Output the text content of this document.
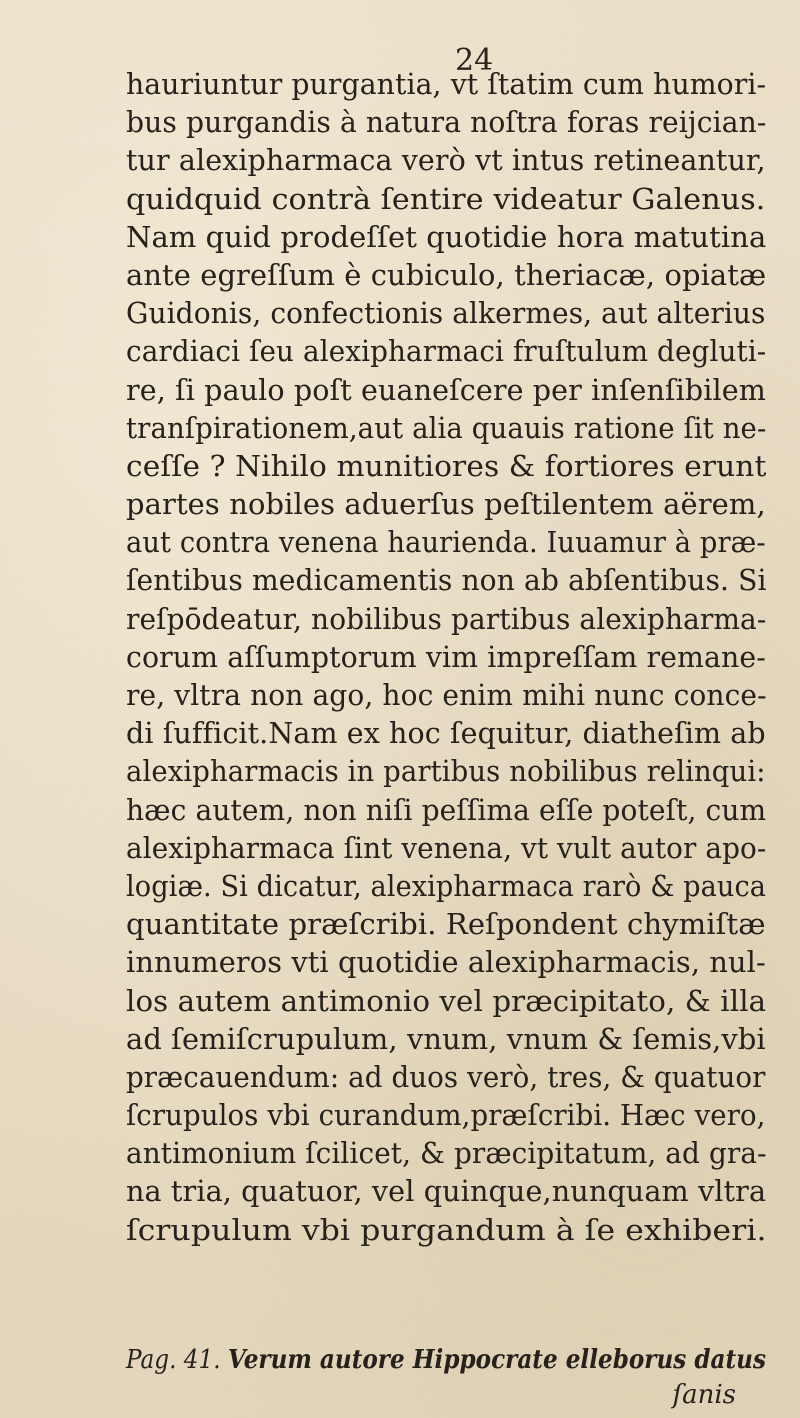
24
hauriuntur purgantia, vt ſtatim cum humori-
bus purgandis à natura noſtra foras reijcian-
tur alexipharmaca verò vt intus retineantur,
quidquid contrà ſentire videatur Galenus.
Nam quid prodeſſet quotidie hora matutina
ante egreſſum è cubiculo, theriacæ, opiatæ
Guidonis, confectionis alkermes, aut alterius
cardiaci ſeu alexipharmaci fruſtulum degluti-
re, ſi paulo poſt euaneſcere per inſenſibilem
tranſpirationem,aut alia quauis ratione ſit ne-
ceſſe ? Nihilo munitiores & fortiores erunt
partes nobiles aduerſus peſtilentem aërem,
aut contra venena haurienda. Iuuamur à præ-
ſentibus medicamentis non ab abſentibus. Si
reſpōdeatur, nobilibus partibus alexipharma-
corum aſſumptorum vim impreſſam remane-
re, vltra non ago, hoc enim mihi nunc conce-
di ſufficit.Nam ex hoc ſequitur, diatheſim ab
alexipharmacis in partibus nobilibus relinqui:
hæc autem, non niſi peſſima eſſe poteſt, cum
alexipharmaca ſint venena, vt vult autor apo-
logiæ. Si dicatur, alexipharmaca rarò & pauca
quantitate præſcribi. Reſpondent chymiſtæ
innumeros vti quotidie alexipharmacis, nul-
los autem antimonio vel præcipitato, & illa
ad ſemiſcrupulum, vnum, vnum & ſemis,vbi
præcauendum: ad duos verò, tres, & quatuor
ſcrupulos vbi curandum,præſcribi. Hæc vero,
antimonium ſcilicet, & præcipitatum, ad gra-
na tria, quatuor, vel quinque,nunquam vltra
ſcrupulum vbi purgandum à ſe exhiberi.
Pag. 41. Verum autore Hippocrate elleborus datus
ſanis
